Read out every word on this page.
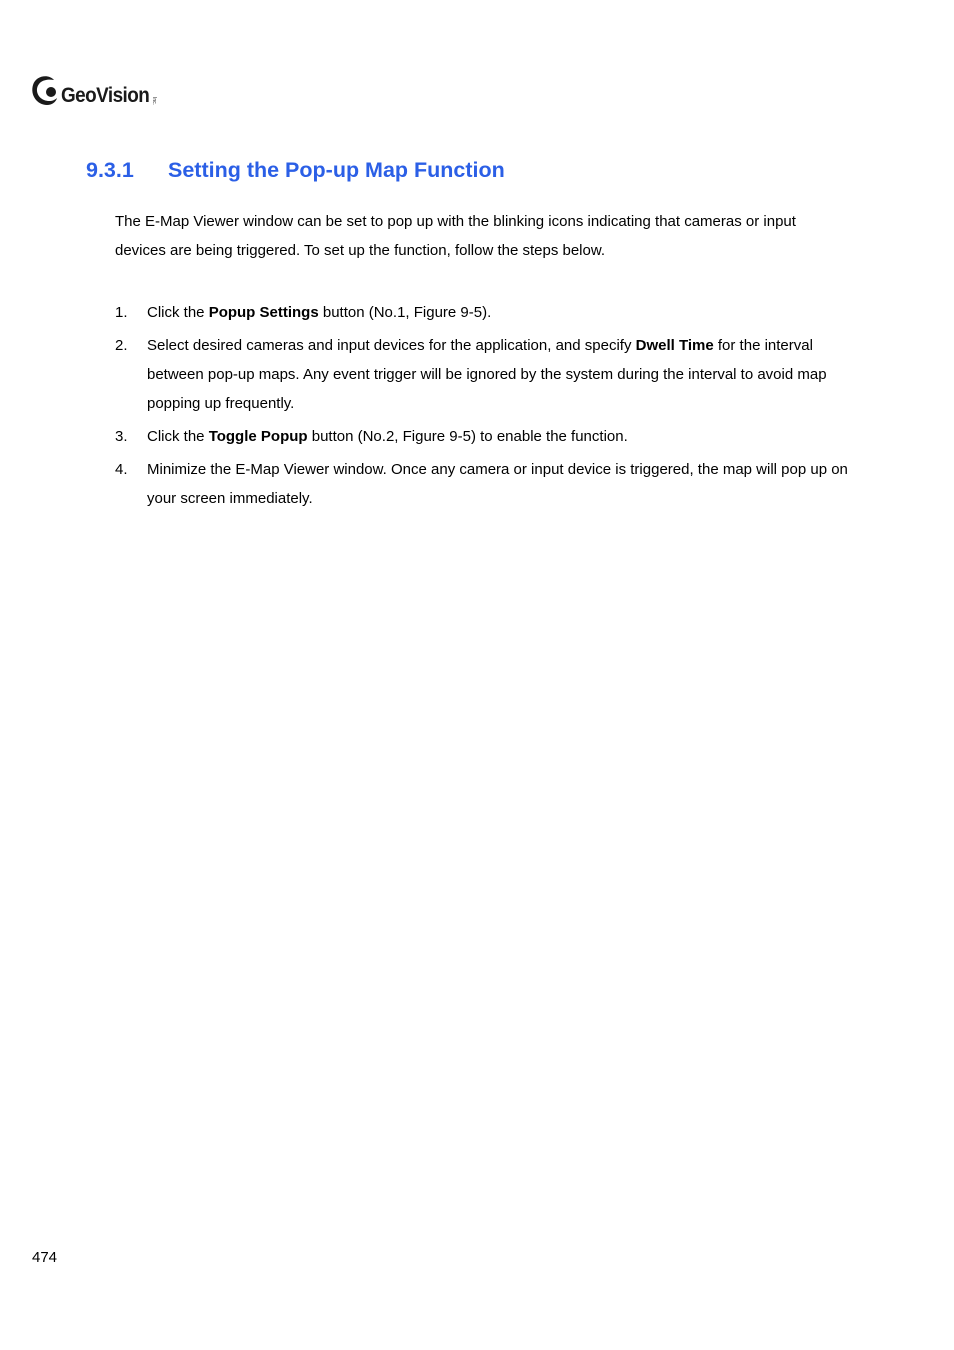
GeoVision Inc.
9.3.1 Setting the Pop-up Map Function

The E-Map Viewer window can be set to pop up with the blinking icons indicating that cameras or input devices are being triggered. To set up the function, follow the steps below.

1.	Click the Popup Settings button (No.1, Figure 9-5).
2.	Select desired cameras and input devices for the application, and specify Dwell Time for the interval between pop-up maps. Any event trigger will be ignored by the system during the interval to avoid map popping up frequently.
3.	Click the Toggle Popup button (No.2, Figure 9-5) to enable the function.
4.	Minimize the E-Map Viewer window. Once any camera or input device is triggered, the map will pop up on your screen immediately.
474
